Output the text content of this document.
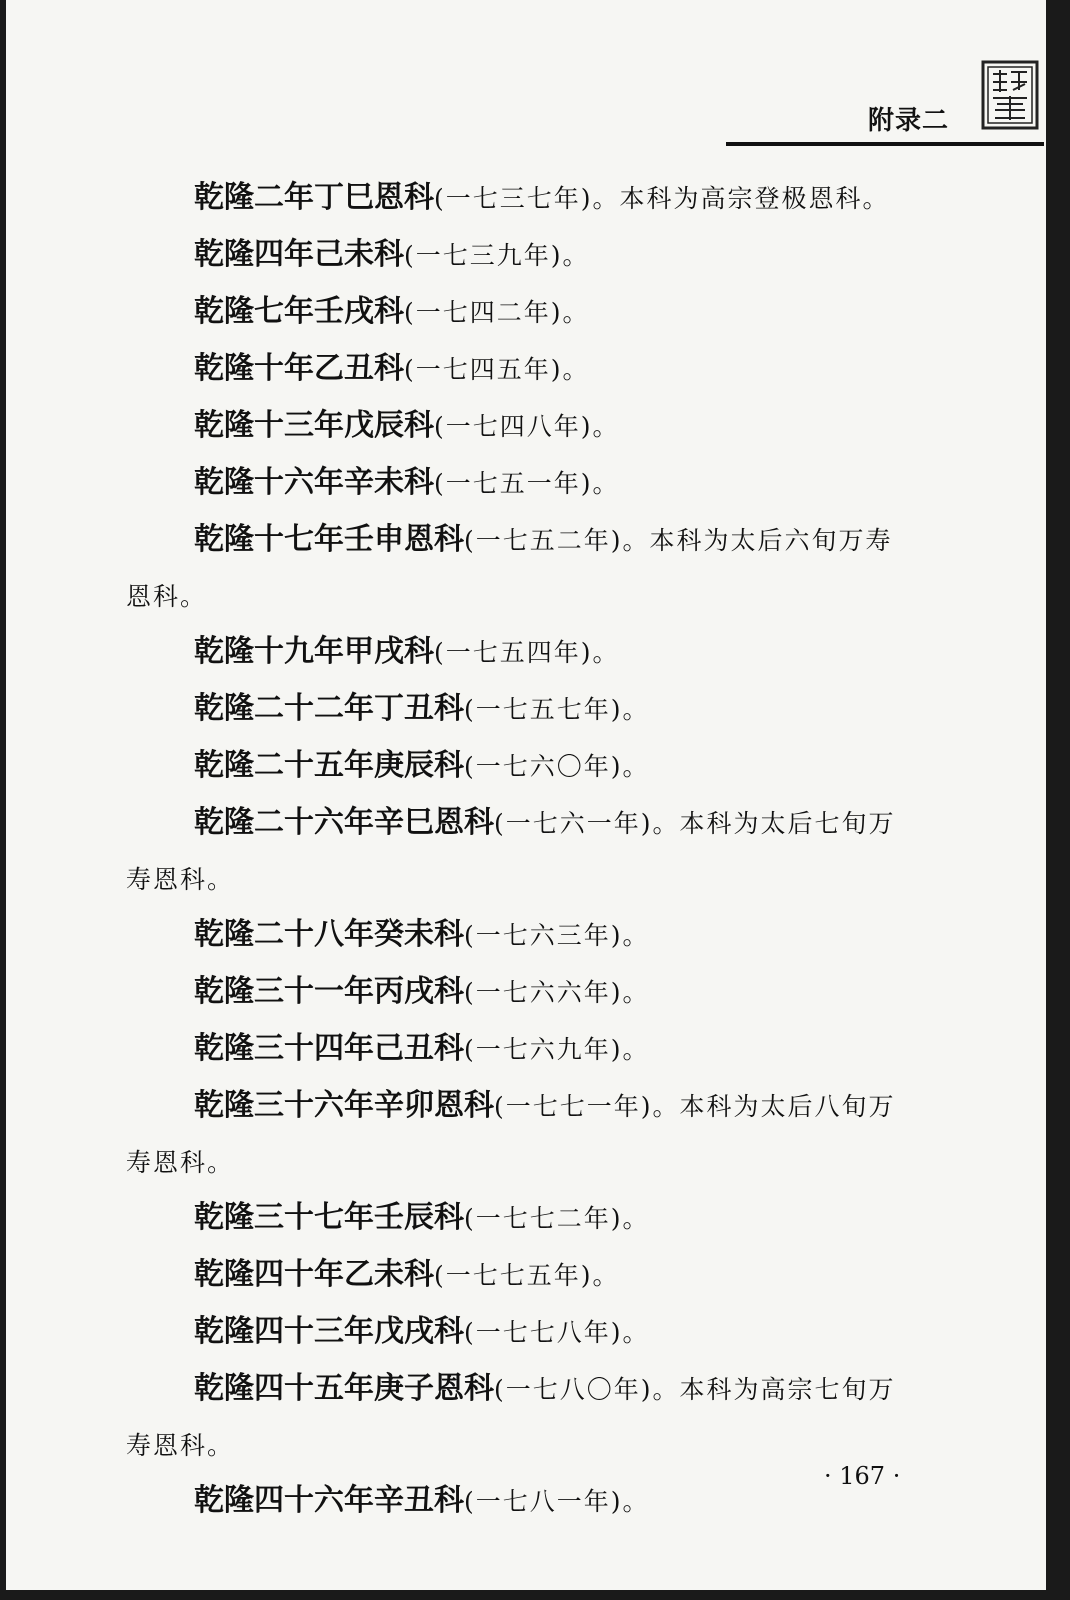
附录二

乾隆二年丁巳恩科(一七三七年)。本科为高宗登极恩科。

乾隆四年己未科(一七三九年)。

乾隆七年壬戌科(一七四二年)。

乾隆十年乙丑科(一七四五年)。

乾隆十三年戊辰科(一七四八年)。

乾隆十六年辛未科(一七五一年)。

乾隆十七年壬申恩科(一七五二年)。本科为太后六旬万寿
恩科。

乾隆十九年甲戌科(一七五四年)。

乾隆二十二年丁丑科(一七五七年)。

乾隆二十五年庚辰科(一七六〇年)。

乾隆二十六年辛巳恩科(一七六一年)。本科为太后七旬万
寿恩科。

乾隆二十八年癸未科(一七六三年)。

乾隆三十一年丙戌科(一七六六年)。

乾隆三十四年己丑科(一七六九年)。

乾隆三十六年辛卯恩科(一七七一年)。本科为太后八旬万
寿恩科。

乾隆三十七年壬辰科(一七七二年)。

乾隆四十年乙未科(一七七五年)。

乾隆四十三年戊戌科(一七七八年)。

乾隆四十五年庚子恩科(一七八〇年)。本科为高宗七旬万
寿恩科。

乾隆四十六年辛丑科(一七八一年)。

· 167 ·
